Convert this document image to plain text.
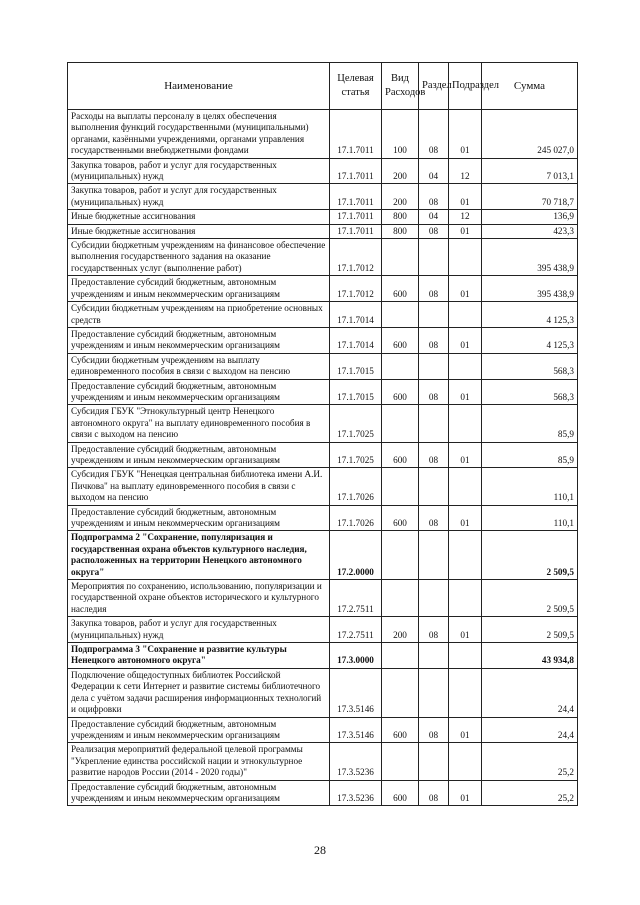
Наименование	Целевая статья	Вид Расходов	Раздел	Подраздел	Сумма
Расходы на выплаты персоналу в целях обеспечения выполнения функций государственными (муниципальными) органами, казёнными учреждениями, органами управления государственными внебюджетными фондами	17.1.7011	100	08	01	245 027,0
Закупка товаров, работ и услуг для государственных (муниципальных) нужд	17.1.7011	200	04	12	7 013,1
Закупка товаров, работ и услуг для государственных (муниципальных) нужд	17.1.7011	200	08	01	70 718,7
Иные бюджетные ассигнования	17.1.7011	800	04	12	136,9
Иные бюджетные ассигнования	17.1.7011	800	08	01	423,3
Субсидии бюджетным учреждениям на финансовое обеспечение выполнения государственного задания на оказание государственных услуг (выполнение работ)	17.1.7012				395 438,9
Предоставление субсидий бюджетным, автономным учреждениям и иным некоммерческим организациям	17.1.7012	600	08	01	395 438,9
Субсидии бюджетным учреждениям на приобретение основных средств	17.1.7014				4 125,3
Предоставление субсидий бюджетным, автономным учреждениям и иным некоммерческим организациям	17.1.7014	600	08	01	4 125,3
Субсидии бюджетным учреждениям на выплату единовременного пособия в связи с выходом на пенсию	17.1.7015				568,3
Предоставление субсидий бюджетным, автономным учреждениям и иным некоммерческим организациям	17.1.7015	600	08	01	568,3
Субсидия ГБУК "Этнокультурный центр Ненецкого автономного округа" на выплату единовременного пособия в связи с выходом на пенсию	17.1.7025				85,9
Предоставление субсидий бюджетным, автономным учреждениям и иным некоммерческим организациям	17.1.7025	600	08	01	85,9
Субсидия ГБУК "Ненецкая центральная библиотека имени А.И. Пичкова" на выплату единовременного пособия в связи с выходом на пенсию	17.1.7026				110,1
Предоставление субсидий бюджетным, автономным учреждениям и иным некоммерческим организациям	17.1.7026	600	08	01	110,1
Подпрограмма 2 "Сохранение, популяризация и государственная охрана объектов культурного наследия, расположенных на территории Ненецкого автономного округа"	17.2.0000				2 509,5
Мероприятия по сохранению, использованию, популяризации и государственной охране объектов исторического и культурного наследия	17.2.7511				2 509,5
Закупка товаров, работ и услуг для государственных (муниципальных) нужд	17.2.7511	200	08	01	2 509,5
Подпрограмма 3 "Сохранение и развитие культуры Ненецкого автономного округа"	17.3.0000				43 934,8
Подключение общедоступных библиотек Российской Федерации к сети Интернет и развитие системы библиотечного дела с учётом задачи расширения информационных технологий и оцифровки	17.3.5146				24,4
Предоставление субсидий бюджетным, автономным учреждениям и иным некоммерческим организациям	17.3.5146	600	08	01	24,4
Реализация мероприятий федеральной целевой программы "Укрепление единства российской нации и этнокультурное развитие народов России (2014 - 2020 годы)"	17.3.5236				25,2
Предоставление субсидий бюджетным, автономным учреждениям и иным некоммерческим организациям	17.3.5236	600	08	01	25,2
28
